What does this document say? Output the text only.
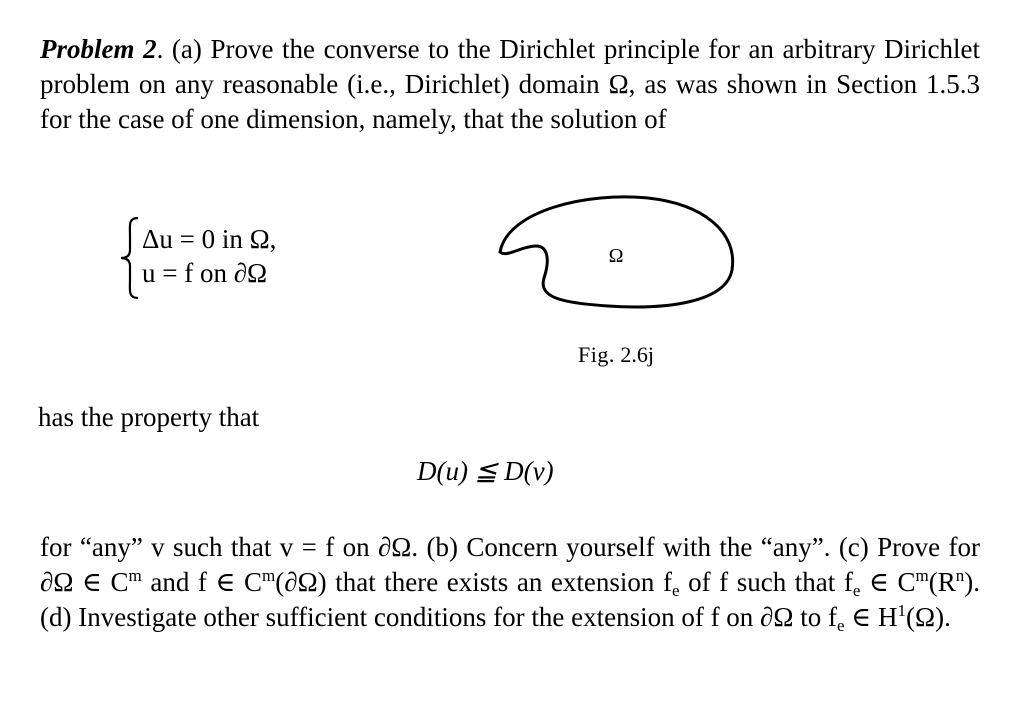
Problem 2. (a) Prove the converse to the Dirichlet principle for an arbitrary Dirichlet problem on any reasonable (i.e., Dirichlet) domain Ω, as was shown in Section 1.5.3 for the case of one dimension, namely, that the solution of
Δu = 0 in Ω,
u = f on ∂Ω
Ω
Fig. 2.6j
has the property that
D(u) ≦ D(v)
for “any” v such that v = f on ∂Ω. (b) Concern yourself with the “any”. (c) Prove for ∂Ω ∈ $C^m$ and f ∈ $C^m(\partial\Omega)$ that there exists an extension $f_e$ of f such that $f_e$ ∈ $C^m(R^n)$. (d) Investigate other sufficient conditions for the extension of f on ∂Ω to $f_e$ ∈ $H^1(\Omega)$.
